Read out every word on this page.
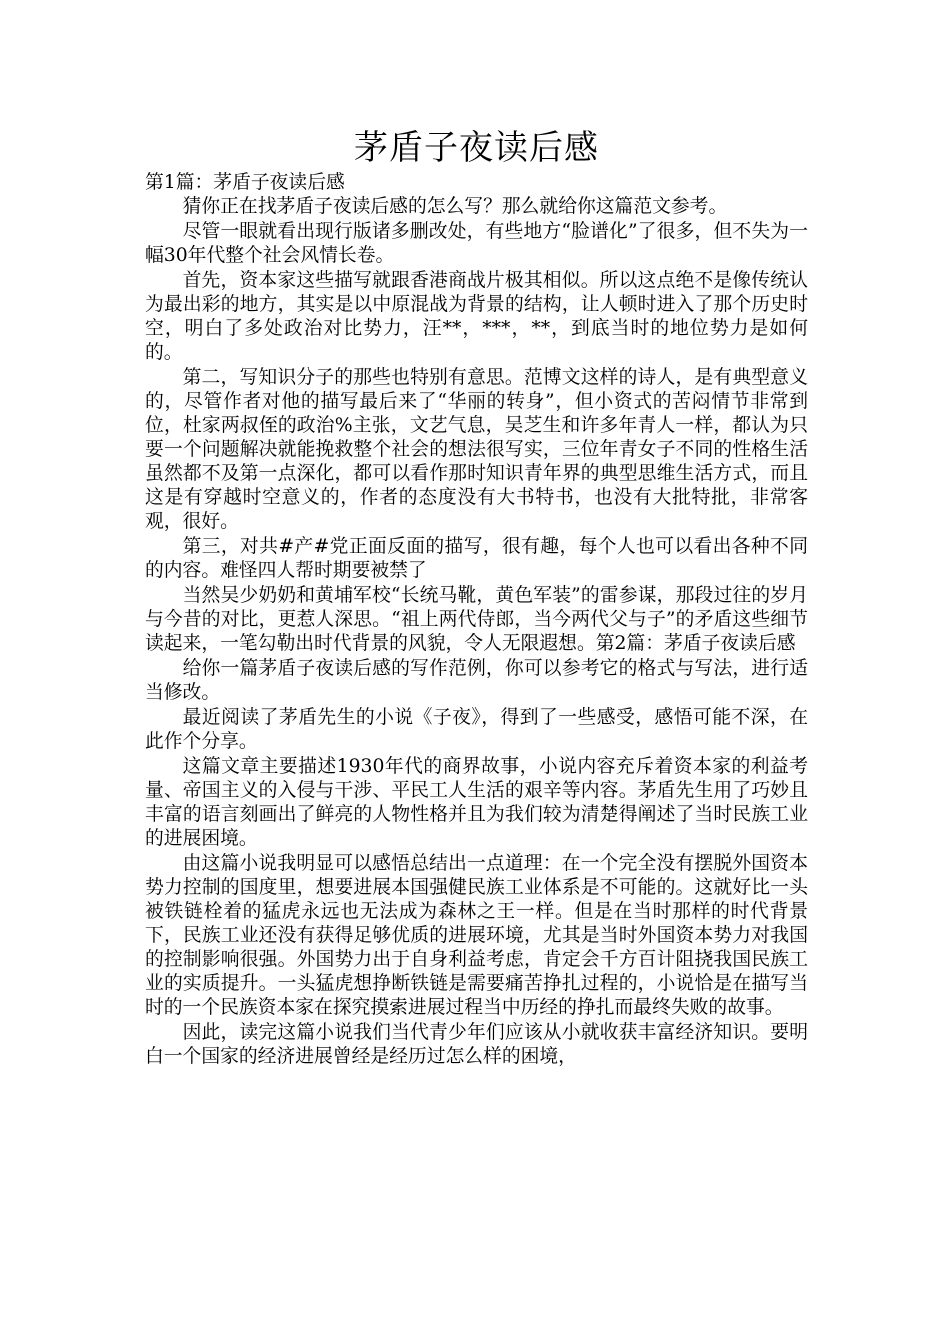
茅盾子夜读后感

第1篇：茅盾子夜读后感

猜你正在找茅盾子夜读后感的怎么写？那么就给你这篇范文参考。

尽管一眼就看出现行版诸多删改处，有些地方“脸谱化”了很多，但不失为一幅30年代整个社会风情长卷。

首先，资本家这些描写就跟香港商战片极其相似。所以这点绝不是像传统认为最出彩的地方，其实是以中原混战为背景的结构，让人顿时进入了那个历史时空，明白了多处政治对比势力，汪**，***，**，到底当时的地位势力是如何的。

第二，写知识分子的那些也特别有意思。范博文这样的诗人，是有典型意义的，尽管作者对他的描写最后来了“华丽的转身”，但小资式的苦闷情节非常到位，杜家两叔侄的政治%主张，文艺气息，吴芝生和许多年青人一样，都认为只要一个问题解决就能挽救整个社会的想法很写实，三位年青女子不同的性格生活虽然都不及第一点深化，都可以看作那时知识青年界的典型思维生活方式，而且这是有穿越时空意义的，作者的态度没有大书特书，也没有大批特批，非常客观，很好。

第三，对共#产#党正面反面的描写，很有趣，每个人也可以看出各种不同的内容。难怪四人帮时期要被禁了

当然吴少奶奶和黄埔军校“长统马靴，黄色军装”的雷参谋，那段过往的岁月与今昔的对比，更惹人深思。“祖上两代侍郎，当今两代父与子”的矛盾这些细节读起来，一笔勾勒出时代背景的风貌，令人无限遐想。第2篇：茅盾子夜读后感

给你一篇茅盾子夜读后感的写作范例，你可以参考它的格式与写法，进行适当修改。

最近阅读了茅盾先生的小说《子夜》，得到了一些感受，感悟可能不深，在此作个分享。

这篇文章主要描述1930年代的商界故事，小说内容充斥着资本家的利益考量、帝国主义的入侵与干涉、平民工人生活的艰辛等内容。茅盾先生用了巧妙且丰富的语言刻画出了鲜亮的人物性格并且为我们较为清楚得阐述了当时民族工业的进展困境。

由这篇小说我明显可以感悟总结出一点道理：在一个完全没有摆脱外国资本势力控制的国度里，想要进展本国强健民族工业体系是不可能的。这就好比一头被铁链栓着的猛虎永远也无法成为森林之王一样。但是在当时那样的时代背景下，民族工业还没有获得足够优质的进展环境，尤其是当时外国资本势力对我国的控制影响很强。外国势力出于自身利益考虑，肯定会千方百计阻挠我国民族工业的实质提升。一头猛虎想挣断铁链是需要痛苦挣扎过程的，小说恰是在描写当时的一个民族资本家在探究摸索进展过程当中历经的挣扎而最终失败的故事。

因此，读完这篇小说我们当代青少年们应该从小就收获丰富经济知识。要明白一个国家的经济进展曾经是经历过怎么样的困境，
